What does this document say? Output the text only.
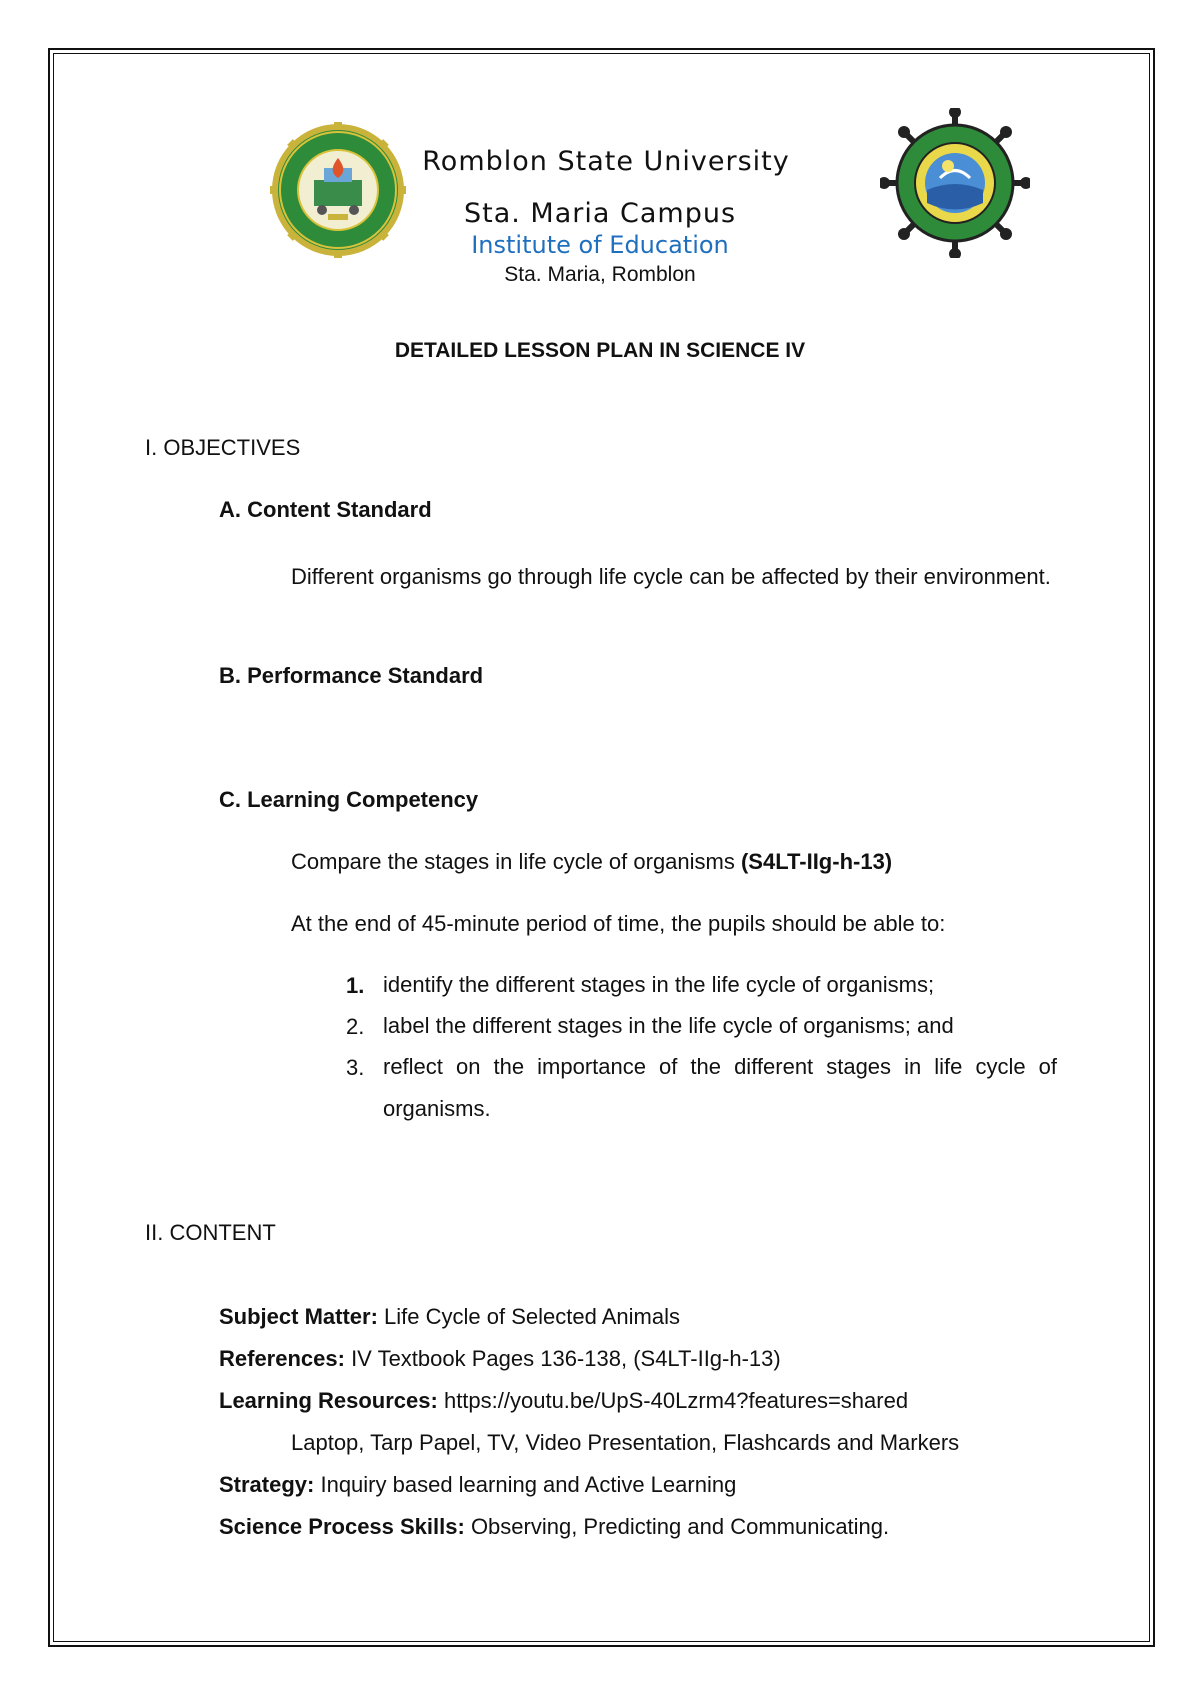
Romblon State University
Sta. Maria Campus
Institute of Education
Sta. Maria, Romblon
DETAILED LESSON PLAN IN SCIENCE IV
I. OBJECTIVES
A. Content Standard
Different organisms go through life cycle can be affected by their environment.
B. Performance Standard
C. Learning Competency
Compare the stages in life cycle of organisms (S4LT-IIg-h-13)
At the end of 45-minute period of time, the pupils should be able to:
1. identify the different stages in the life cycle of organisms;
2. label the different stages in the life cycle of organisms; and
3. reflect on the importance of the different stages in life cycle of organisms.
II. CONTENT
Subject Matter: Life Cycle of Selected Animals
References: IV Textbook Pages 136-138, (S4LT-IIg-h-13)
Learning Resources: https://youtu.be/UpS-40Lzrm4?features=shared
Laptop, Tarp Papel, TV, Video Presentation, Flashcards and Markers
Strategy: Inquiry based learning and Active Learning
Science Process Skills: Observing, Predicting and Communicating.
